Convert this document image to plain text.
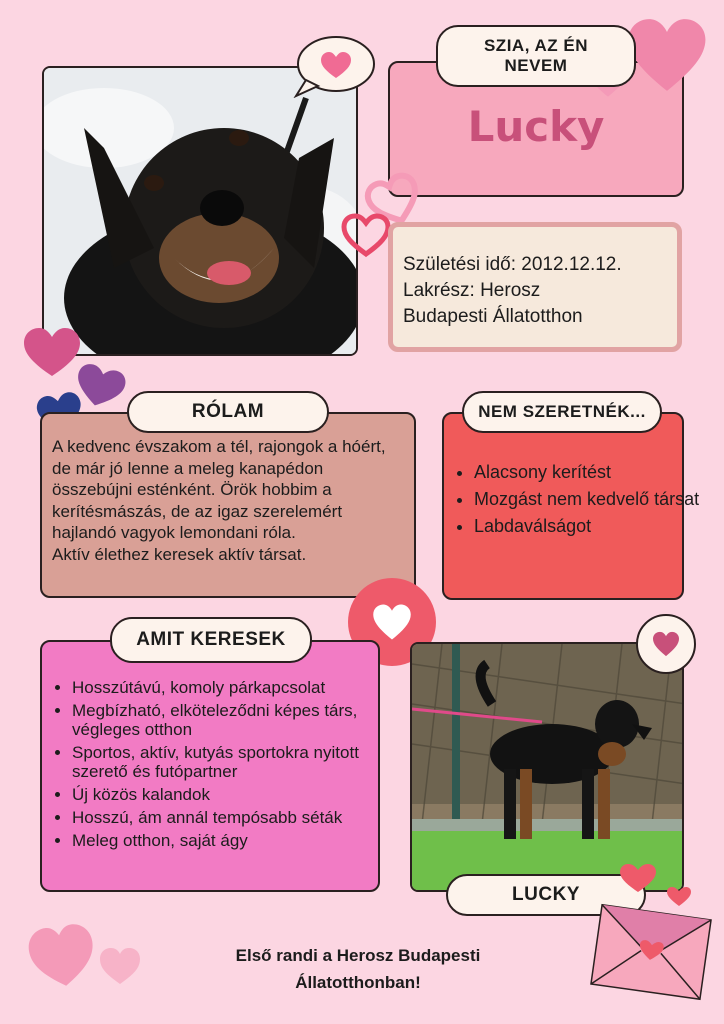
SZIA, AZ ÉN NEVEM
Lucky
Születési idő: 2012.12.12.
Lakrész: Herosz
Budapesti Állatotthon
RÓLAM
A kedvenc évszakom a tél, rajongok a hóért, de már jó lenne a meleg kanapédon összebújni esténként. Örök hobbim a kerítésmászás, de az igaz szerelemért hajlandó vagyok lemondani róla.
Aktív élethez keresek aktív társat.
NEM SZERETNÉK...
• Alacsony kerítést
• Mozgást nem kedvelő társat
• Labdaválságot
AMIT KERESEK
• Hosszútávú, komoly párkapcsolat
• Megbízható, elköteleződni képes társ, végleges otthon
• Sportos, aktív, kutyás sportokra nyitott szerető és futópartner
• Új közös kalandok
• Hosszú, ám annál tempósabb séták
• Meleg otthon, saját ágy
LUCKY
Első randi a Herosz Budapesti
Állatotthonban!
